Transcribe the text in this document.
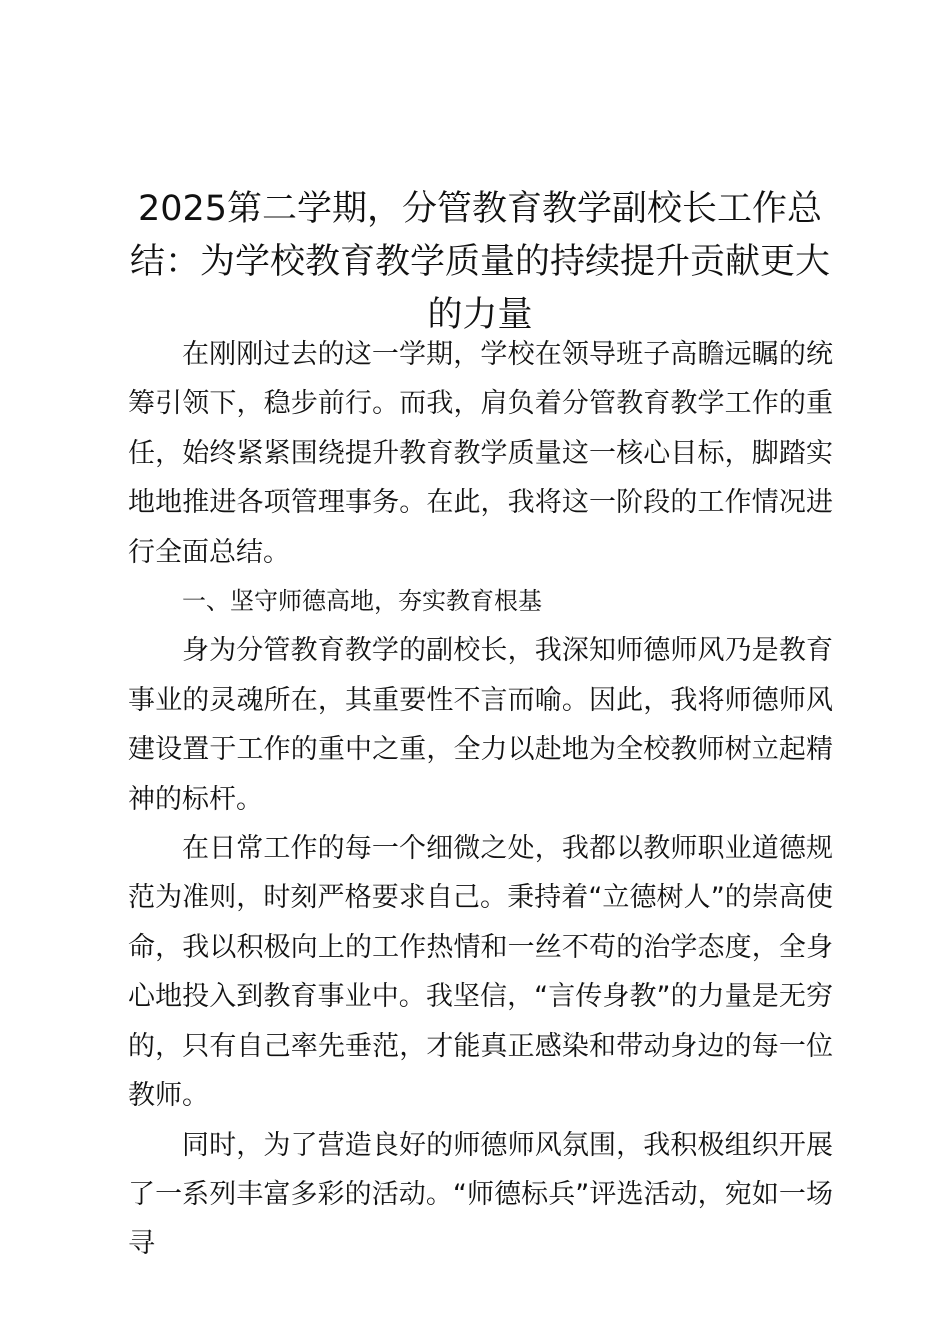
2025第二学期，分管教育教学副校长工作总结：为学校教育教学质量的持续提升贡献更大的力量

在刚刚过去的这一学期，学校在领导班子高瞻远瞩的统筹引领下，稳步前行。而我，肩负着分管教育教学工作的重任，始终紧紧围绕提升教育教学质量这一核心目标，脚踏实地地推进各项管理事务。在此，我将这一阶段的工作情况进行全面总结。

一、坚守师德高地，夯实教育根基

身为分管教育教学的副校长，我深知师德师风乃是教育事业的灵魂所在，其重要性不言而喻。因此，我将师德师风建设置于工作的重中之重，全力以赴地为全校教师树立起精神的标杆。

在日常工作的每一个细微之处，我都以教师职业道德规范为准则，时刻严格要求自己。秉持着“立德树人”的崇高使命，我以积极向上的工作热情和一丝不苟的治学态度，全身心地投入到教育事业中。我坚信，“言传身教”的力量是无穷的，只有自己率先垂范，才能真正感染和带动身边的每一位教师。

同时，为了营造良好的师德师风氛围，我积极组织开展了一系列丰富多彩的活动。“师德标兵”评选活动，宛如一场寻
